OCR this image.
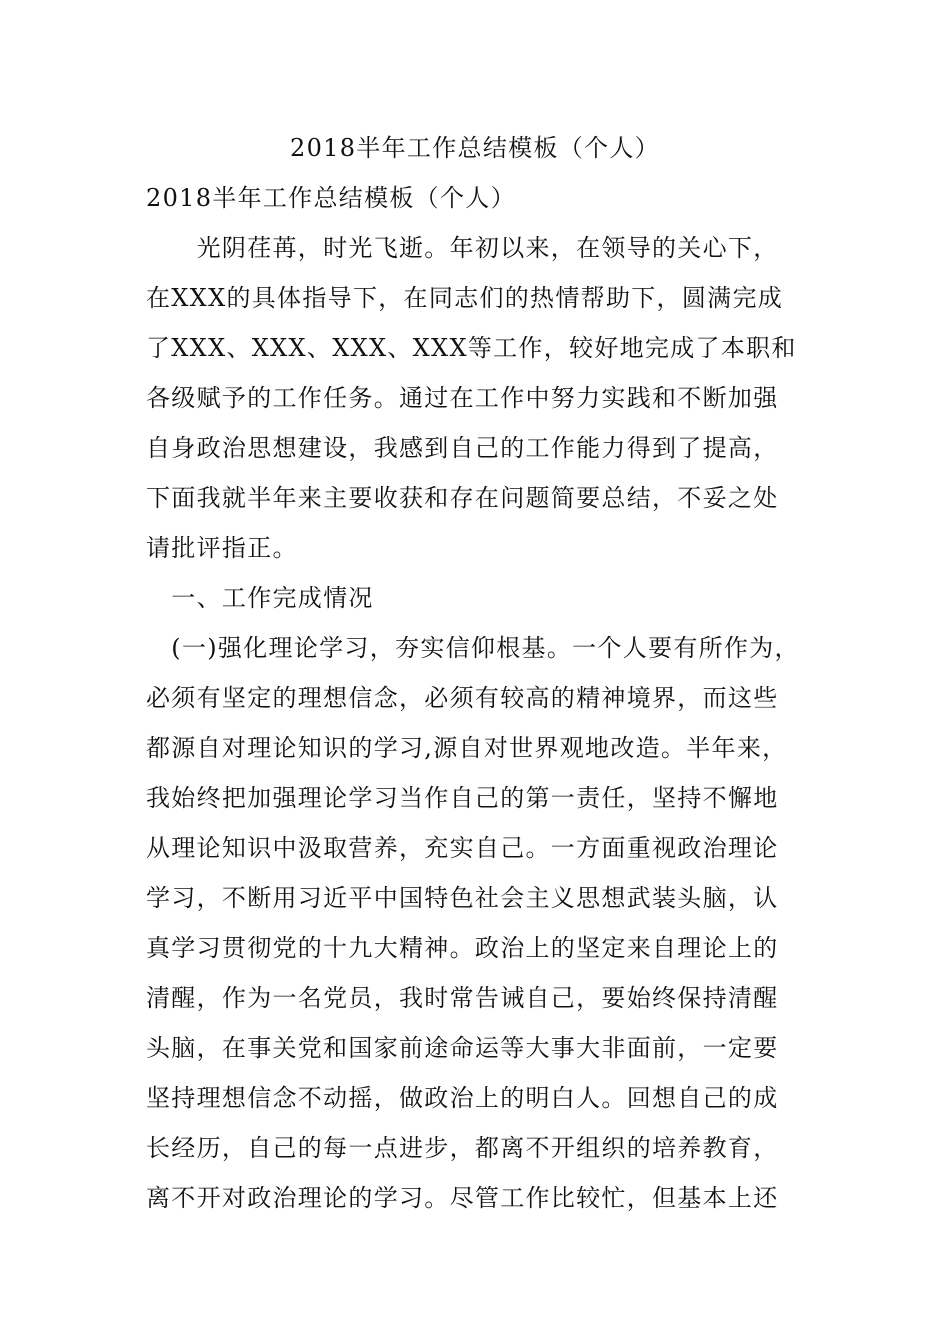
2018半年工作总结模板（个人）
2018半年工作总结模板（个人）
　　光阴荏苒，时光飞逝。年初以来，在领导的关心下，
在XXX的具体指导下，在同志们的热情帮助下，圆满完成
了XXX、XXX、XXX、XXX等工作，较好地完成了本职和
各级赋予的工作任务。通过在工作中努力实践和不断加强
自身政治思想建设，我感到自己的工作能力得到了提高，
下面我就半年来主要收获和存在问题简要总结，不妥之处
请批评指正。
　一、工作完成情况
　(一)强化理论学习，夯实信仰根基。一个人要有所作为，
必须有坚定的理想信念，必须有较高的精神境界，而这些
都源自对理论知识的学习,源自对世界观地改造。半年来，
我始终把加强理论学习当作自己的第一责任，坚持不懈地
从理论知识中汲取营养，充实自己。一方面重视政治理论
学习，不断用习近平中国特色社会主义思想武装头脑，认
真学习贯彻党的十九大精神。政治上的坚定来自理论上的
清醒，作为一名党员，我时常告诫自己，要始终保持清醒
头脑，在事关党和国家前途命运等大事大非面前，一定要
坚持理想信念不动摇，做政治上的明白人。回想自己的成
长经历，自己的每一点进步，都离不开组织的培养教育，
离不开对政治理论的学习。尽管工作比较忙，但基本上还
